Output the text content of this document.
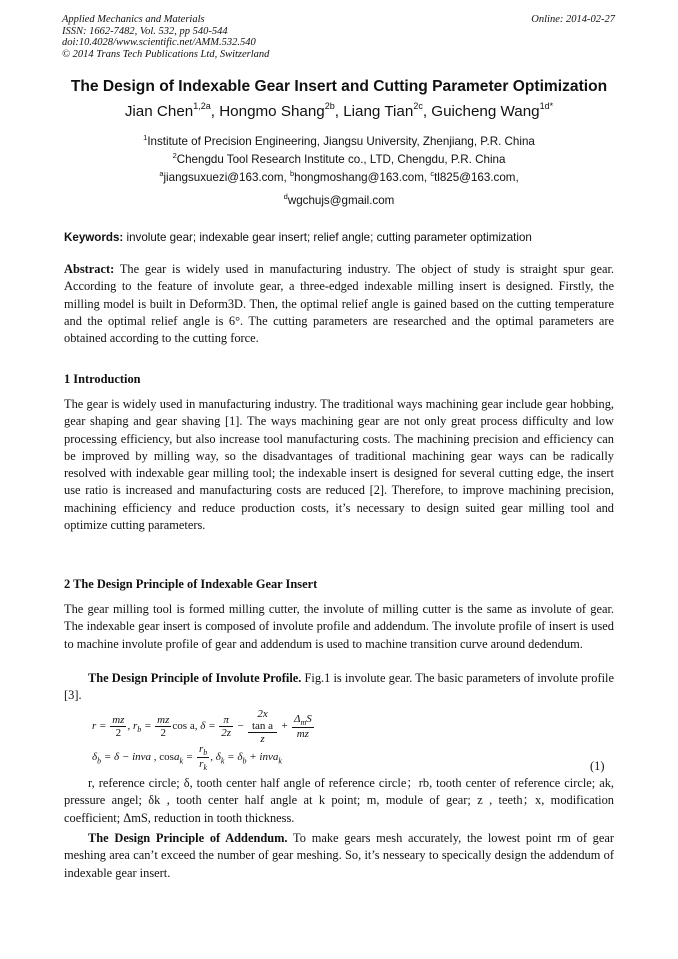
Applied Mechanics and Materials
ISSN: 1662-7482, Vol. 532, pp 540-544
doi:10.4028/www.scientific.net/AMM.532.540
© 2014 Trans Tech Publications Ltd, Switzerland
Online: 2014-02-27
The Design of Indexable Gear Insert and Cutting Parameter Optimization
Jian Chen$^{1,2a}$, Hongmo Shang$^{2b}$, Liang Tian$^{2c}$, Guicheng Wang$^{1d*}$
$^1$Institute of Precision Engineering, Jiangsu University, Zhenjiang, P.R. China
$^2$Chengdu Tool Research Institute co., LTD, Chengdu, P.R. China
$^a$jiangsuxuezi@163.com, $^b$hongmoshang@163.com, $^c$tl825@163.com,
$^d$wgchujs@gmail.com
Keywords: involute gear; indexable gear insert; relief angle; cutting parameter optimization
Abstract: The gear is widely used in manufacturing industry. The object of study is straight spur gear. According to the feature of involute gear, a three-edged indexable milling insert is designed. Firstly, the milling model is built in Deform3D. Then, the optimal relief angle is gained based on the cutting temperature and the optimal relief angle is 6°. The cutting parameters are researched and the optimal parameters are obtained according to the cutting force.
1 Introduction
The gear is widely used in manufacturing industry. The traditional ways machining gear include gear hobbing, gear shaping and gear shaving [1]. The ways machining gear are not only great process difficulty and low processing efficiency, but also increase tool manufacturing costs. The machining precision and efficiency can be improved by milling way, so the disadvantages of traditional machining gear ways can be radically resolved with indexable gear milling tool; the indexable insert is designed for several cutting edge, the insert use ratio is increased and manufacturing costs are reduced [2]. Therefore, to improve machining precision, machining efficiency and reduce production costs, it’s necessary to design suited gear milling tool and optimize cutting parameters.
2 The Design Principle of Indexable Gear Insert
The gear milling tool is formed milling cutter, the involute of milling cutter is the same as involute of gear. The indexable gear insert is composed of involute profile and addendum. The involute profile of insert is used to machine involute profile of gear and addendum is used to machine transition curve around dedendum.
The Design Principle of Involute Profile. Fig.1 is involute gear. The basic parameters of involute profile [3].
$r = \frac{mz}{2}$ , $r_b = \frac{mz}{2}$ cos a, $\delta = \frac{\pi}{2z} - 2x$
tan a
$z + \frac{\Delta_mS}{mz}$
$\delta_b = \delta$ − inva , $\cos a_k = \frac{r_b}{r_k}$ , $\delta_k = \delta_b$ + inva$_k$	(1)
r, reference circle; δ, tooth center half angle of reference circle；rb, tooth center of reference circle; ak, pressure angel; δk , tooth center half angle at k point; m, module of gear; z , teeth；x, modification coefficient; ΔmS, reduction in tooth thickness.
The Design Principle of Addendum. To make gears mesh accurately, the lowest point rm of gear meshing area can’t exceed the number of gear meshing. So, it’s nesseary to specically design the addendum of indexable gear insert.
